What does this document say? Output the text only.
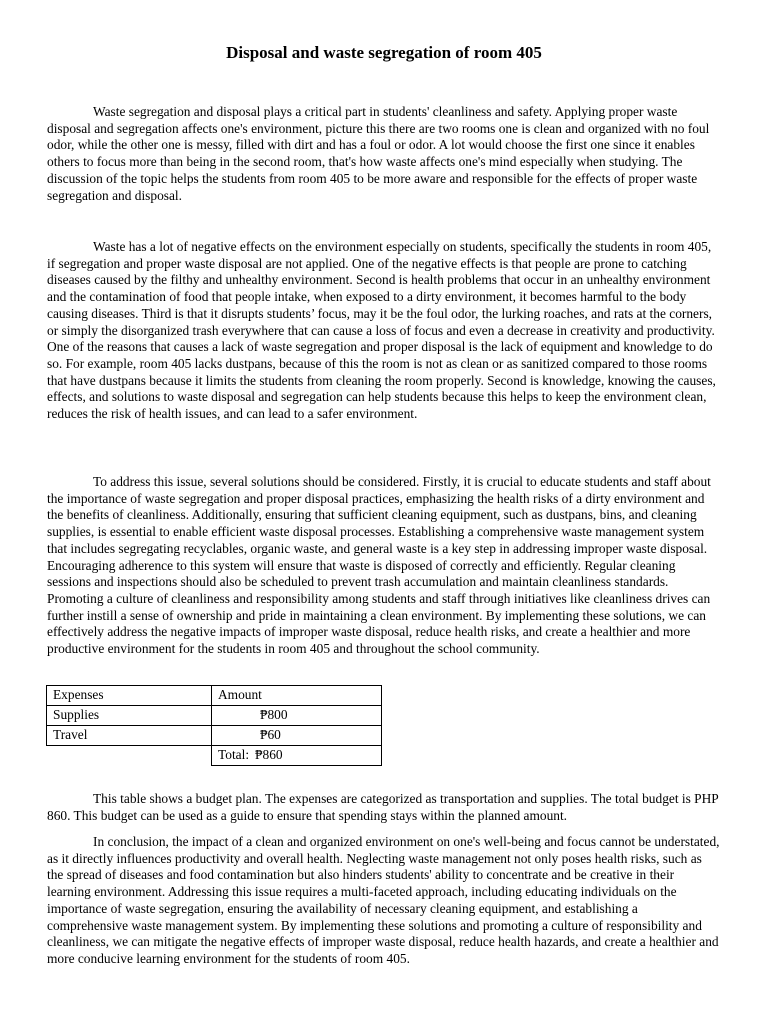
Disposal and waste segregation of room 405

Waste segregation and disposal plays a critical part in students' cleanliness and safety. Applying proper waste disposal and segregation affects one's environment, picture this there are two rooms one is clean and organized with no foul odor, while the other one is messy, filled with dirt and has a foul or odor. A lot would choose the first one since it enables others to focus more than being in the second room, that's how waste affects one's mind especially when studying. The discussion of the topic helps the students from room 405 to be more aware and responsible for the effects of proper waste segregation and disposal.

Waste has a lot of negative effects on the environment especially on students, specifically the students in room 405, if segregation and proper waste disposal are not applied. One of the negative effects is that people are prone to catching diseases caused by the filthy and unhealthy environment. Second is health problems that occur in an unhealthy environment and the contamination of food that people intake, when exposed to a dirty environment, it becomes harmful to the body causing diseases. Third is that it disrupts students’ focus, may it be the foul odor, the lurking roaches, and rats at the corners, or simply the disorganized trash everywhere that can cause a loss of focus and even a decrease in creativity and productivity. One of the reasons that causes a lack of waste segregation and proper disposal is the lack of equipment and knowledge to do so. For example, room 405 lacks dustpans, because of this the room is not as clean or as sanitized compared to those rooms that have dustpans because it limits the students from cleaning the room properly. Second is knowledge, knowing the causes, effects, and solutions to waste disposal and segregation can help students because this helps to keep the environment clean, reduces the risk of health issues, and can lead to a safer environment.

To address this issue, several solutions should be considered. Firstly, it is crucial to educate students and staff about the importance of waste segregation and proper disposal practices, emphasizing the health risks of a dirty environment and the benefits of cleanliness. Additionally, ensuring that sufficient cleaning equipment, such as dustpans, bins, and cleaning supplies, is essential to enable efficient waste disposal processes. Establishing a comprehensive waste management system that includes segregating recyclables, organic waste, and general waste is a key step in addressing improper waste disposal. Encouraging adherence to this system will ensure that waste is disposed of correctly and efficiently. Regular cleaning sessions and inspections should also be scheduled to prevent trash accumulation and maintain cleanliness standards. Promoting a culture of cleanliness and responsibility among students and staff through initiatives like cleanliness drives can further instill a sense of ownership and pride in maintaining a clean environment. By implementing these solutions, we can effectively address the negative impacts of improper waste disposal, reduce health risks, and create a healthier and more productive environment for the students in room 405 and throughout the school community.

Expenses	Amount
Supplies	₱800
Travel	₱60
	Total: ₱860

This table shows a budget plan. The expenses are categorized as transportation and supplies. The total budget is PHP 860. This budget can be used as a guide to ensure that spending stays within the planned amount.

In conclusion, the impact of a clean and organized environment on one's well-being and focus cannot be understated, as it directly influences productivity and overall health. Neglecting waste management not only poses health risks, such as the spread of diseases and food contamination but also hinders students' ability to concentrate and be creative in their learning environment. Addressing this issue requires a multi-faceted approach, including educating individuals on the importance of waste segregation, ensuring the availability of necessary cleaning equipment, and establishing a comprehensive waste management system. By implementing these solutions and promoting a culture of responsibility and cleanliness, we can mitigate the negative effects of improper waste disposal, reduce health hazards, and create a healthier and more conducive learning environment for the students of room 405.
